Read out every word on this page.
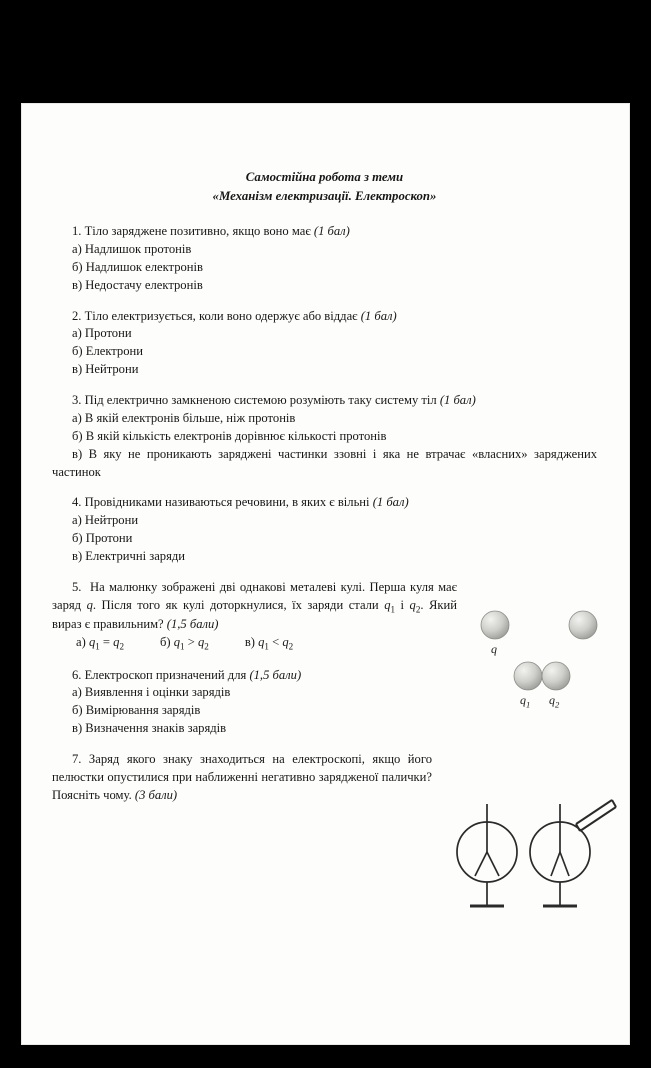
Самостійна робота з теми
«Механізм електризації. Електроскоп»
1. Тіло заряджене позитивно, якщо воно має (1 бал)
а) Надлишок протонів
б) Надлишок електронів
в) Недостачу електронів
2. Тіло електризується, коли воно одержує або віддає (1 бал)
а) Протони
б) Електрони
в) Нейтрони
3. Під електрично замкненою системою розуміють таку систему тіл (1 бал)
а) В якій електронів більше, ніж протонів
б) В якій кількість електронів дорівнює кількості протонів
в) В яку не проникають заряджені частинки ззовні і яка не втрачає «власних» заряджених частинок
4. Провідниками називаються речовини, в яких є вільні (1 бал)
а) Нейтрони
б) Протони
в) Електричні заряди
5.  На малюнку зображені дві однакові металеві кулі. Перша куля має заряд q. Після того як кулі доторкнулися, їх заряди стали $q_1$ і $q_2$. Який вираз є правильним? (1,5 бали)
а) $q_1 = q_2$	б) $q_1 > q_2$	в) $q_1 < q_2$
6. Електроскоп призначений для (1,5 бали)
а) Виявлення і оцінки зарядів
б) Вимірювання зарядів
в) Визначення знаків зарядів
7. Заряд якого знаку знаходиться на електроскопі, якщо його пелюстки опустилися при наближенні негативно зарядженої палички? Поясніть чому. (3 бали)
q
$q_1$ $q_2$
